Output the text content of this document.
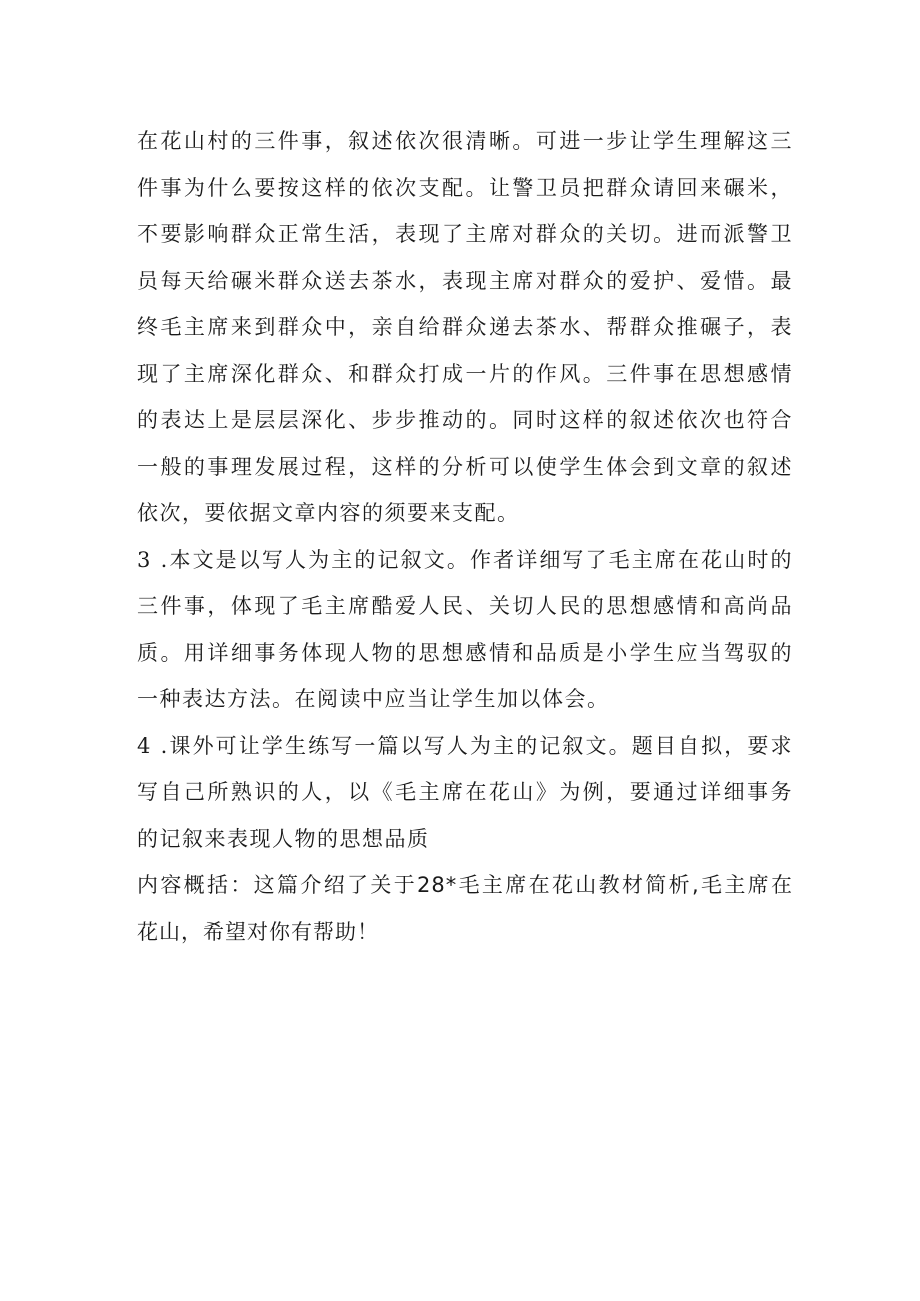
在花山村的三件事，叙述依次很清晰。可进一步让学生理解这三
件事为什么要按这样的依次支配。让警卫员把群众请回来碾米，
不要影响群众正常生活，表现了主席对群众的关切。进而派警卫
员每天给碾米群众送去茶水，表现主席对群众的爱护、爱惜。最
终毛主席来到群众中，亲自给群众递去茶水、帮群众推碾子，表
现了主席深化群众、和群众打成一片的作风。三件事在思想感情
的表达上是层层深化、步步推动的。同时这样的叙述依次也符合
一般的事理发展过程，这样的分析可以使学生体会到文章的叙述
依次，要依据文章内容的须要来支配。
3 .本文是以写人为主的记叙文。作者详细写了毛主席在花山时的
三件事，体现了毛主席酷爱人民、关切人民的思想感情和高尚品
质。用详细事务体现人物的思想感情和品质是小学生应当驾驭的
一种表达方法。在阅读中应当让学生加以体会。
4 .课外可让学生练写一篇以写人为主的记叙文。题目自拟，要求
写自己所熟识的人，以《毛主席在花山》为例，要通过详细事务
的记叙来表现人物的思想品质
内容概括：这篇介绍了关于28*毛主席在花山教材简析,毛主席在
花山，希望对你有帮助！
